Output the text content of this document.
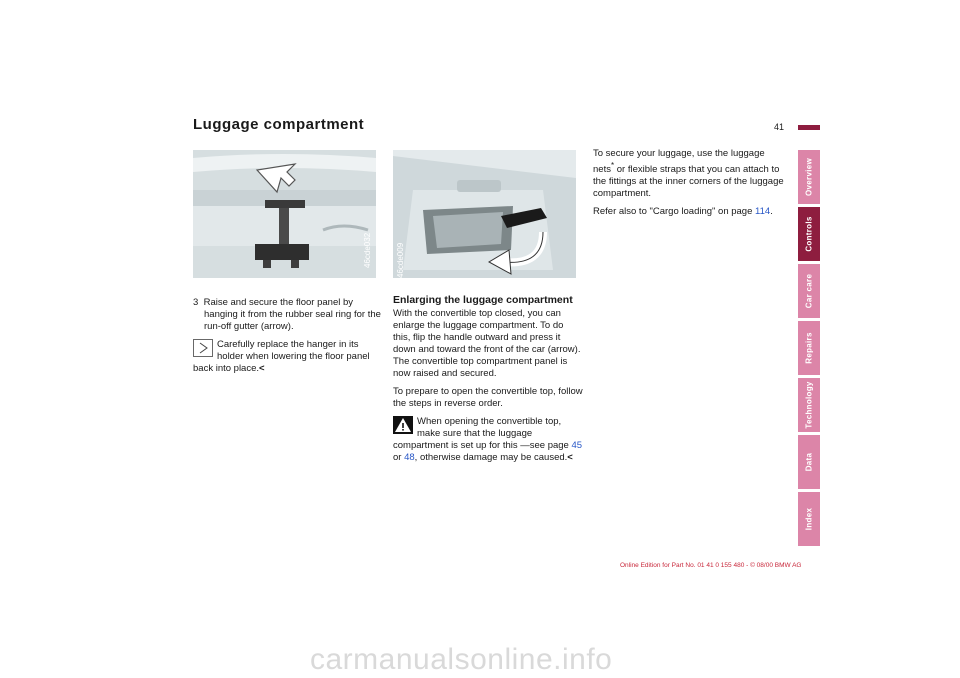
Luggage compartment	41
Overview
Controls
Car care
Repairs
Technology
Data
Index
46cde032	46cde009

3 Raise and secure the floor panel by hanging it from the rubber seal ring for the run-off gutter (arrow).

Carefully replace the hanger in its holder when lowering the floor panel back into place.<

Enlarging the luggage compartment

With the convertible top closed, you can enlarge the luggage compartment. To do this, flip the handle outward and press it down and toward the front of the car (arrow). The convertible top compartment panel is now raised and secured.

To prepare to open the convertible top, follow the steps in reverse order.

When opening the convertible top, make sure that the luggage compartment is set up for this —see page 45 or 48, otherwise damage may be caused.<

To secure your luggage, use the luggage nets* or flexible straps that you can attach to the fittings at the inner corners of the luggage compartment.

Refer also to "Cargo loading" on page 114.

Online Edition for Part No. 01 41 0 155 480 - © 08/00 BMW AG
carmanualsonline.info
